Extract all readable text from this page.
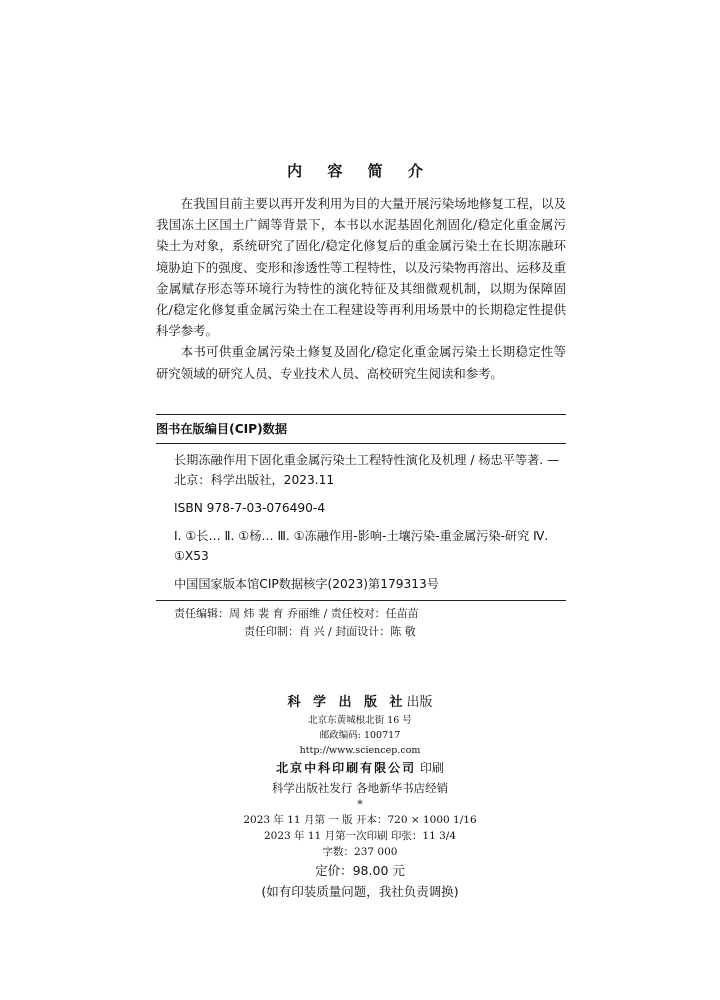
内 容 简 介

在我国目前主要以再开发利用为目的大量开展污染场地修复工程，以及我国冻土区国土广阔等背景下，本书以水泥基固化剂固化/稳定化重金属污染土为对象，系统研究了固化/稳定化修复后的重金属污染土在长期冻融环境胁迫下的强度、变形和渗透性等工程特性，以及污染物再溶出、运移及重金属赋存形态等环境行为特性的演化特征及其细微观机制，以期为保障固化/稳定化修复重金属污染土在工程建设等再利用场景中的长期稳定性提供科学参考。

本书可供重金属污染土修复及固化/稳定化重金属污染土长期稳定性等研究领域的研究人员、专业技术人员、高校研究生阅读和参考。

图书在版编目(CIP)数据

长期冻融作用下固化重金属污染土工程特性演化及机理 / 杨忠平等著. —北京：科学出版社，2023.11

ISBN 978-7-03-076490-4

Ⅰ. ①长… Ⅱ. ①杨… Ⅲ. ①冻融作用-影响-土壤污染-重金属污染-研究 Ⅳ. ①X53

中国国家版本馆CIP数据核字(2023)第179313号

责任编辑：周 炜 裴 育 乔丽维 / 责任校对：任苗苗
责任印制：肖 兴 / 封面设计：陈 敬
科 学 出 版 社出版
北京东黄城根北街 16 号
邮政编码: 100717
http://www.sciencep.com
北京中科印刷有限公司 印刷
科学出版社发行 各地新华书店经销
*
2023 年 11 月第 一 版 开本：720 × 1000 1/16
2023 年 11 月第一次印刷 印张：11 3/4
字数：237 000
定价：98.00 元
(如有印装质量问题，我社负责调换)
